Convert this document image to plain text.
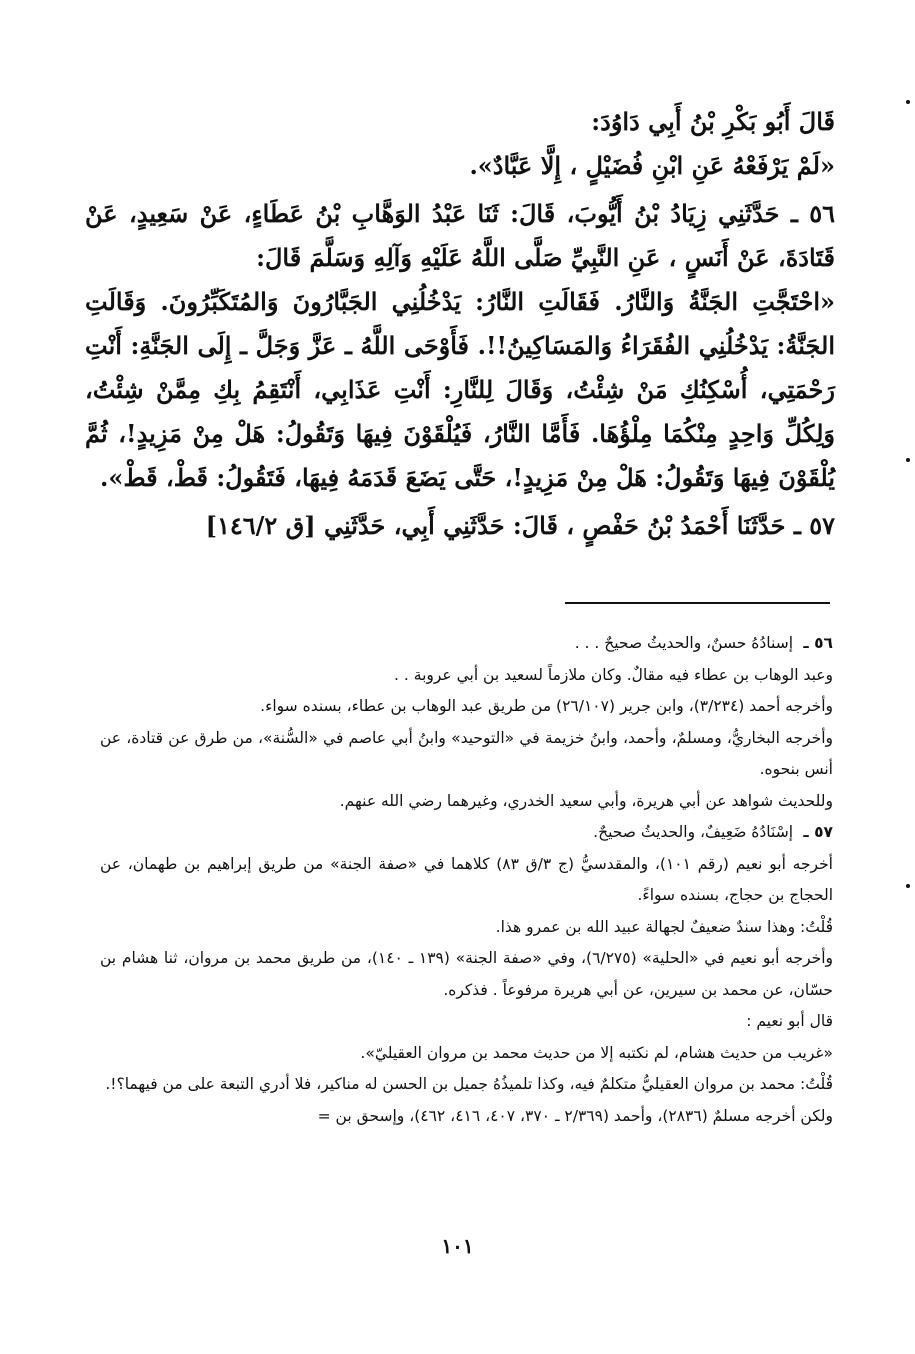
قَالَ أَبُو بَكْرِ بْنُ أَبِي دَاوُدَ:

«لَمْ يَرْفَعْهُ عَنِ ابْنِ فُضَيْلٍ ، إِلَّا عَبَّادٌ».

٥٦ ـ حَدَّثَنِي زِيَادُ بْنُ أَيُّوبَ، قَالَ: ثَنَا عَبْدُ الوَهَّابِ بْنُ عَطَاءٍ، عَنْ سَعِيدٍ، عَنْ قَتَادَةَ، عَنْ أَنَسٍ ، عَنِ النَّبِيِّ صَلَّى اللَّهُ عَلَيْهِ وَآلِهِ وَسَلَّمَ قَالَ:

«احْتَجَّتِ الجَنَّةُ وَالنَّارُ. فَقَالَتِ النَّارُ: يَدْخُلُنِي الجَبَّارُونَ وَالمُتَكَبِّرُونَ. وَقَالَتِ الجَنَّةُ: يَدْخُلُنِي الفُقَرَاءُ وَالمَسَاكِينُ!!. فَأَوْحَى اللَّهُ ـ عَزَّ وَجَلَّ ـ إِلَى الجَنَّةِ: أَنْتِ رَحْمَتِي، أُسْكِنُكِ مَنْ شِئْتُ، وَقَالَ لِلنَّارِ: أَنْتِ عَذَابِي، أَنْتَقِمُ بِكِ مِمَّنْ شِئْتُ، وَلِكُلِّ وَاحِدٍ مِنْكُمَا مِلْؤُهَا. فَأَمَّا النَّارُ، فَيُلْقَوْنَ فِيهَا وَتَقُولُ: هَلْ مِنْ مَزِيدٍ!، ثُمَّ يُلْقَوْنَ فِيهَا وَتَقُولُ: هَلْ مِنْ مَزِيدٍ!، حَتَّى يَضَعَ قَدَمَهُ فِيهَا، فَتَقُولُ: قَطْ، قَطْ».

٥٧ ـ حَدَّثَنَا أَحْمَدُ بْنُ حَفْصٍ ، قَالَ: حَدَّثَنِي أَبِي، حَدَّثَنِي [ق ١٤٦/٢]

٥٦ ـ
إسنادُهُ حسنٌ، والحديثُ صحيحٌ . . .

وعبد الوهاب بن عطاء فيه مقالٌ. وكان ملازماً لسعيد بن أبي عروبة . .

وأخرجه أحمد (٣/٢٣٤)، وابن جرير (٢٦/١٠٧) من طريق عبد الوهاب بن عطاء، بسنده سواء.

وأخرجه البخاريُّ، ومسلمٌ، وأحمد، وابنُ خزيمة في «التوحيد» وابنُ أبي عاصم في «السُّنة»، من طرق عن قتادة، عن أنس بنحوه.

وللحديث شواهد عن أبي هريرة، وأبي سعيد الخدري، وغيرهما رضي الله عنهم.

٥٧ ـ
إسْنَادُهُ ضَعِيفٌ، والحديثُ صحيحٌ.

أخرجه أبو نعيم (رقم ١٠١)، والمقدسيُّ (ج ٣/ق ٨٣) كلاهما في «صفة الجنة» من طريق إبراهيم بن طهمان، عن الحجاج بن حجاج، بسنده سواءً.

قُلْتُ: وهذا سندٌ ضعيفٌ لجهالة عبيد الله بن عمرو هذا.

وأخرجه أبو نعيم في «الحلية» (٦/٢٧٥)، وفي «صفة الجنة» (١٣٩ ـ ١٤٠)، من طريق محمد بن مروان، ثنا هشام بن حسّان، عن محمد بن سيرين، عن أبي هريرة مرفوعاً . فذكره.

قال أبو نعيم :

«غريب من حديث هشام، لم نكتبه إلا من حديث محمد بن مروان العقيليّ».

قُلْتُ: محمد بن مروان العقيليُّ متكلمٌ فيه، وكذا تلميذُهُ جميل بن الحسن له مناكير، فلا أدري التبعة على من فيهما؟!.

ولكن أخرجه مسلمٌ (٢٨٣٦)، وأحمد (٢/٣٦٩ ـ ٣٧٠، ٤٠٧، ٤١٦، ٤٦٢)، وإسحق بن =

١٠١
